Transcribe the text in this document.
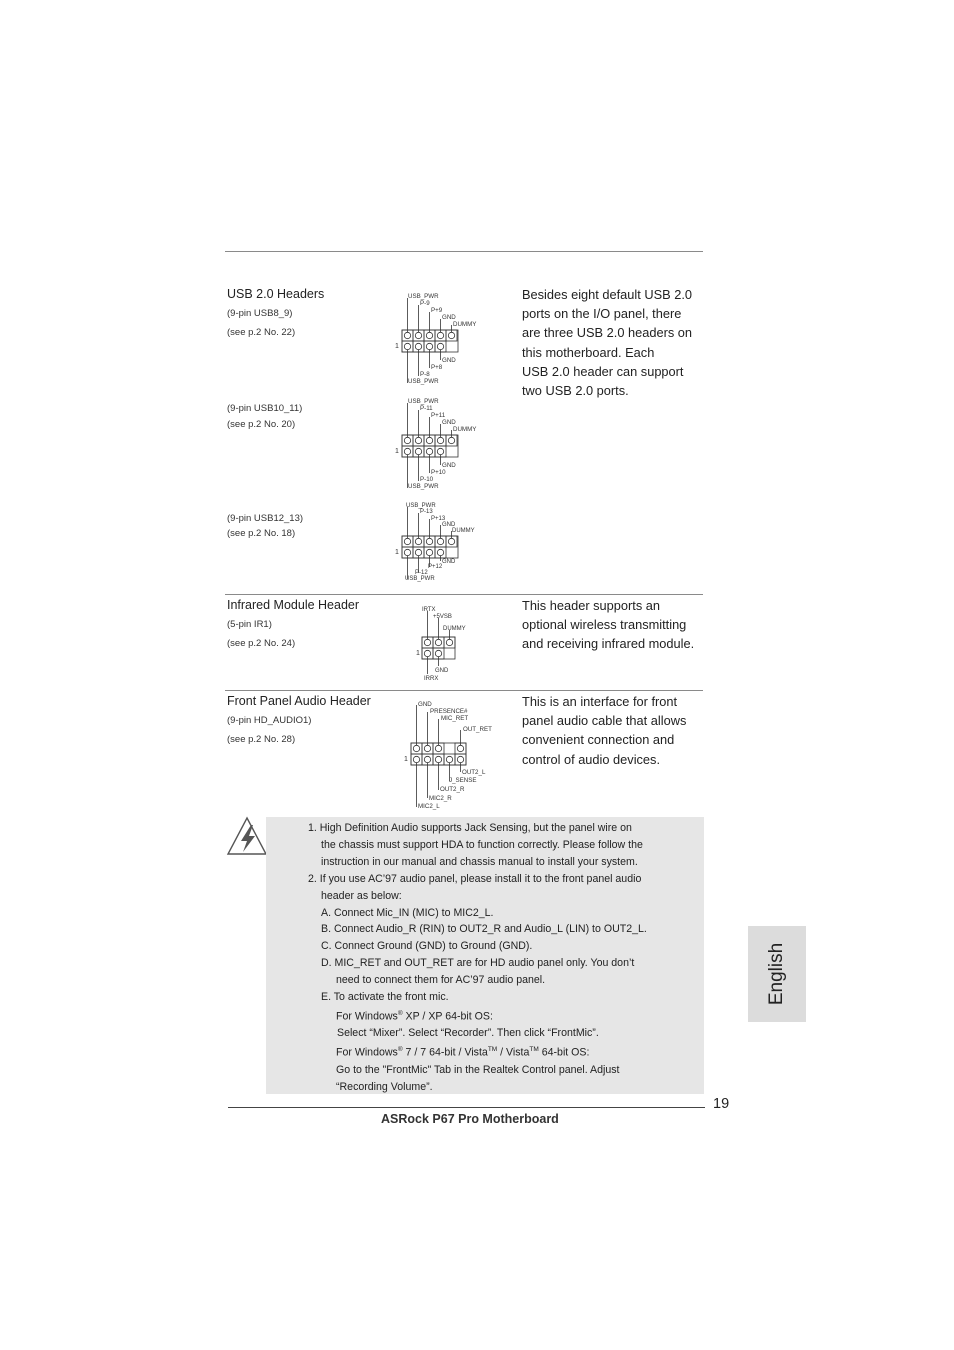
USB 2.0 Headers
(9-pin USB8_9)
(see p.2 No. 22)
(9-pin USB10_11)
(see p.2 No. 20)
(9-pin USB12_13)
(see p.2 No. 18)
Besides eight default USB 2.0
ports on the I/O panel, there
are three USB 2.0 headers on
this motherboard. Each
USB 2.0 header can support
two USB 2.0 ports.
USB_PWR
P-9
P+9
GND
DUMMY
GND
P+8
P-8
USB_PWR
1
USB_PWR
P-11
P+11
GND
DUMMY
GND
P+10
P-10
USB_PWR
1
USB_PWR
P-13
P+13
GND
DUMMY
GND
P+12
P-12
USB_PWR
1
Infrared Module Header
(5-pin IR1)
(see p.2 No. 24)
This header supports an
optional wireless transmitting
and receiving infrared module.
IRTX
+5VSB
DUMMY
GND
IRRX
1
Front Panel Audio Header
(9-pin HD_AUDIO1)
(see p.2 No. 28)
This is an interface for front
panel audio cable that allows
convenient connection and
control of audio devices.
GND
PRESENCE#
MIC_RET
OUT_RET
OUT2_L
J_SENSE
OUT2_R
MIC2_R
MIC2_L
1
1. High Definition Audio supports Jack Sensing, but the panel wire on
the chassis must support HDA to function correctly. Please follow the
instruction in our manual and chassis manual to install your system.
2. If you use AC’97 audio panel, please install it to the front panel audio
header as below:
A. Connect Mic_IN (MIC) to MIC2_L.
B. Connect Audio_R (RIN) to OUT2_R and Audio_L (LIN) to OUT2_L.
C. Connect Ground (GND) to Ground (GND).
D. MIC_RET and OUT_RET are for HD audio panel only. You don’t
need to connect them for AC’97 audio panel.
E. To activate the front mic.
For Windows® XP / XP 64-bit OS:
Select “Mixer”. Select “Recorder”. Then click “FrontMic”.
For Windows® 7 / 7 64-bit / Vista™ / Vista™ 64-bit OS:
Go to the "FrontMic" Tab in the Realtek Control panel. Adjust
“Recording Volume”.
English
19
ASRock P67 Pro Motherboard
